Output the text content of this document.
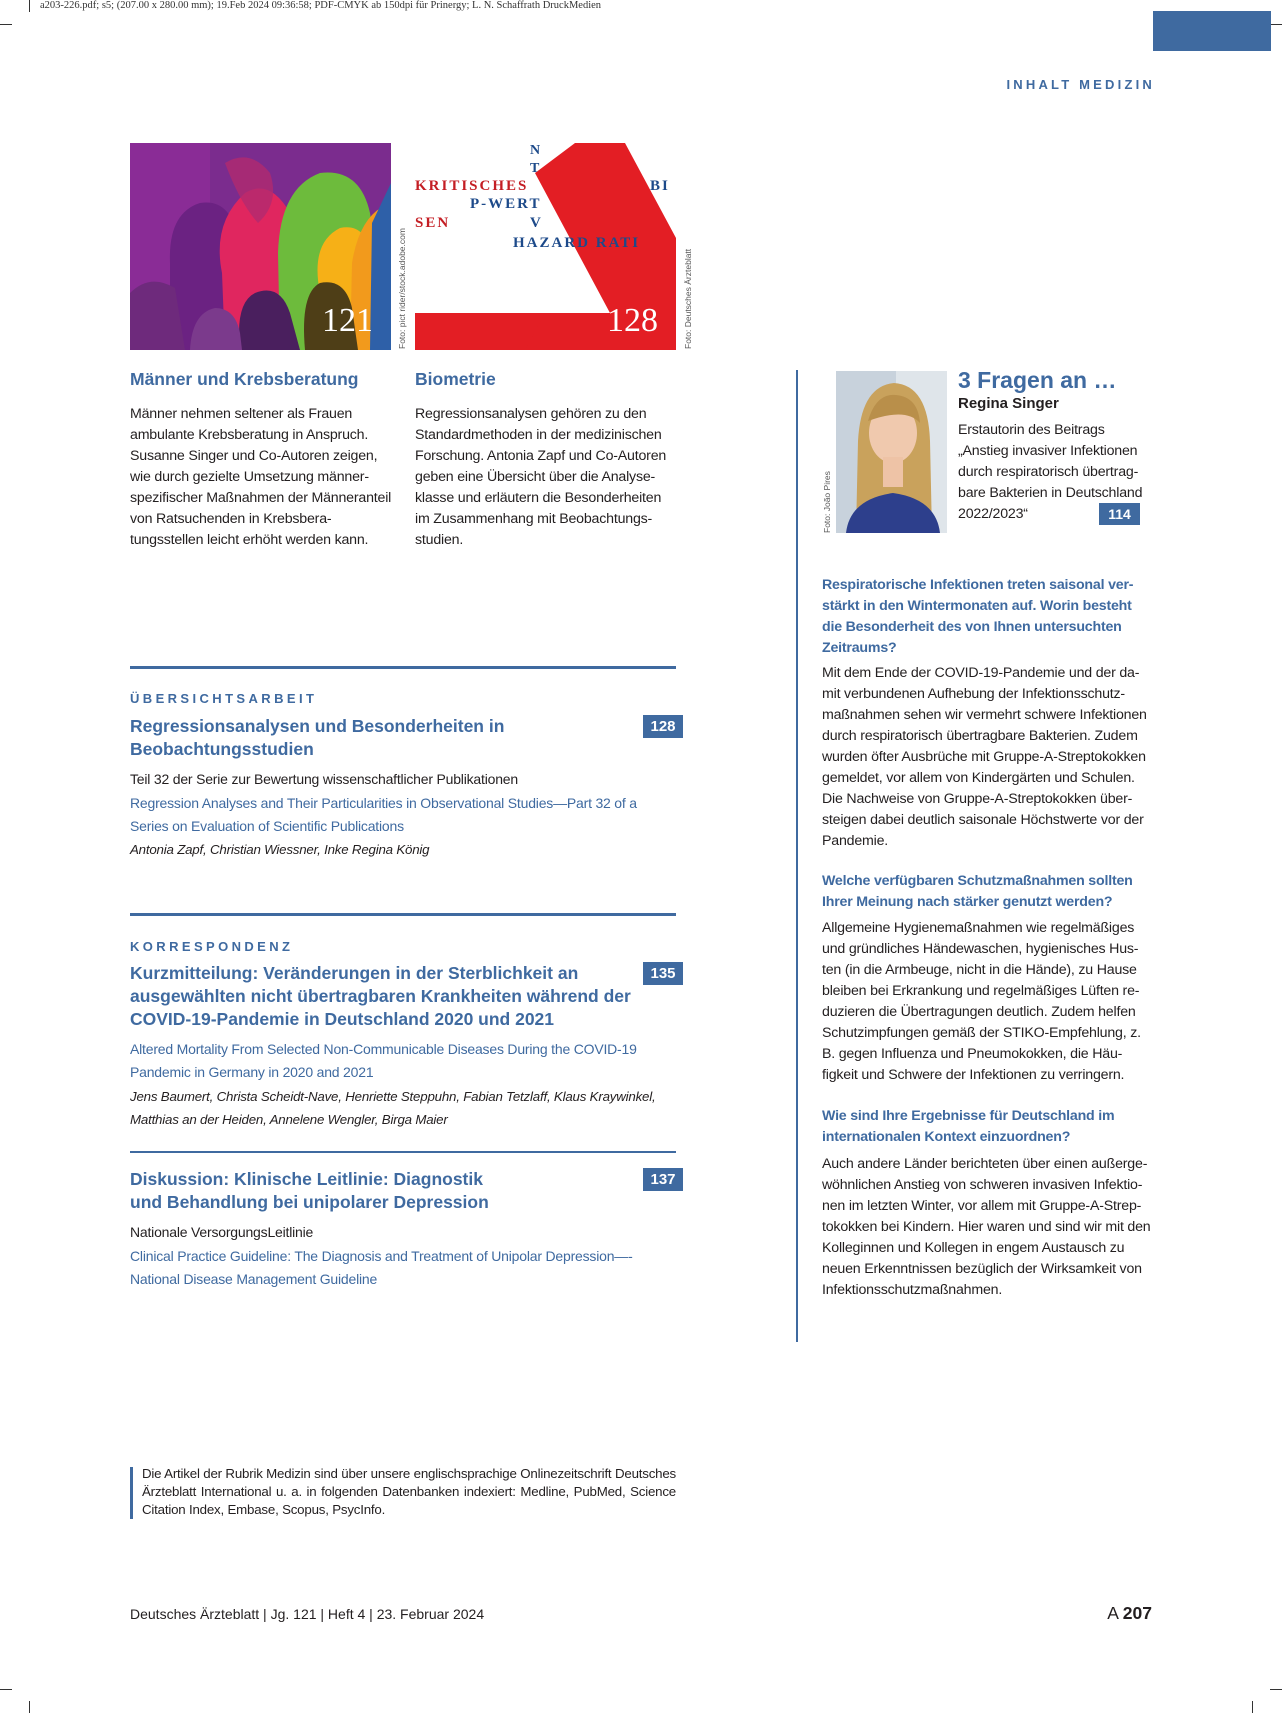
a203-226.pdf; s5; (207.00 x 280.00 mm); 19.Feb 2024 09:36:58; PDF-CMYK ab 150dpi für Prinergy; L. N. Schaffrath DruckMedien
INHALT MEDIZIN
121	Foto: pict rider/stock.adobe.com
N
T
KRITISCHES	BI
P-WERT
SEN	V
HAZARD RATI
NSCHAFTLICHER
ARTIKEL
128	Foto: Deutsches Ärzteblatt
Männer und Krebsberatung
Männer nehmen seltener als Frauen ambulante Krebsberatung in Anspruch. Susanne Singer und Co-Autoren zeigen, wie durch gezielte Umsetzung männerspezifischer Maßnahmen der Männeranteil von Ratsuchenden in Krebsberatungsstellen leicht erhöht werden kann.
Biometrie
Regressionsanalysen gehören zu den Standardmethoden in der medizinischen Forschung. Antonia Zapf und Co-Autoren geben eine Übersicht über die Analyseklasse und erläutern die Besonderheiten im Zusammenhang mit Beobachtungsstudien.
ÜBERSICHTSARBEIT
Regressionsanalysen und Besonderheiten in Beobachtungsstudien
128
Teil 32 der Serie zur Bewertung wissenschaftlicher Publikationen
Regression Analyses and Their Particularities in Observational Studies—Part 32 of a Series on Evaluation of Scientific Publications
Antonia Zapf, Christian Wiessner, Inke Regina König
KORRESPONDENZ
Kurzmitteilung: Veränderungen in der Sterblichkeit an ausgewählten nicht übertragbaren Krankheiten während der COVID-19-Pandemie in Deutschland 2020 und 2021
135
Altered Mortality From Selected Non-Communicable Diseases During the COVID-19 Pandemic in Germany in 2020 and 2021
Jens Baumert, Christa Scheidt-Nave, Henriette Steppuhn, Fabian Tetzlaff, Klaus Kraywinkel, Matthias an der Heiden, Annelene Wengler, Birga Maier
Diskussion: Klinische Leitlinie: Diagnostik und Behandlung bei unipolarer Depression
137
Nationale VersorgungsLeitlinie
Clinical Practice Guideline: The Diagnosis and Treatment of Unipolar Depression—- National Disease Management Guideline
Foto: João Pires
3 Fragen an …
Regina Singer
Erstautorin des Beitrags „Anstieg invasiver Infektionen durch respiratorisch übertragbare Bakterien in Deutschland 2022/2023“	114
Respiratorische Infektionen treten saisonal verstärkt in den Wintermonaten auf. Worin besteht die Besonderheit des von Ihnen untersuchten Zeitraums?
Mit dem Ende der COVID-19-Pandemie und der damit verbundenen Aufhebung der Infektionsschutzmaßnahmen sehen wir vermehrt schwere Infektionen durch respiratorisch übertragbare Bakterien. Zudem wurden öfter Ausbrüche mit Gruppe-A-Streptokokken gemeldet, vor allem von Kindergärten und Schulen. Die Nachweise von Gruppe-A-Streptokokken übersteigen dabei deutlich saisonale Höchstwerte vor der Pandemie.
Welche verfügbaren Schutzmaßnahmen sollten Ihrer Meinung nach stärker genutzt werden?
Allgemeine Hygienemaßnahmen wie regelmäßiges und gründliches Händewaschen, hygienisches Husten (in die Armbeuge, nicht in die Hände), zu Hause bleiben bei Erkrankung und regelmäßiges Lüften reduzieren die Übertragungen deutlich. Zudem helfen Schutzimpfungen gemäß der STIKO-Empfehlung, z. B. gegen Influenza und Pneumokokken, die Häufigkeit und Schwere der Infektionen zu verringern.
Wie sind Ihre Ergebnisse für Deutschland im internationalen Kontext einzuordnen?
Auch andere Länder berichteten über einen außergewöhnlichen Anstieg von schweren invasiven Infektionen im letzten Winter, vor allem mit Gruppe-A-Streptokokken bei Kindern. Hier waren und sind wir mit den Kolleginnen und Kollegen in engem Austausch zu neuen Erkenntnissen bezüglich der Wirksamkeit von Infektionsschutzmaßnahmen.
Die Artikel der Rubrik Medizin sind über unsere englischsprachige Onlinezeitschrift Deutsches Ärzteblatt International u. a. in folgenden Datenbanken indexiert: Medline, PubMed, Science Citation Index, Embase, Scopus, PsycInfo.
Deutsches Ärzteblatt | Jg. 121 | Heft 4 | 23. Februar 2024	A 207
